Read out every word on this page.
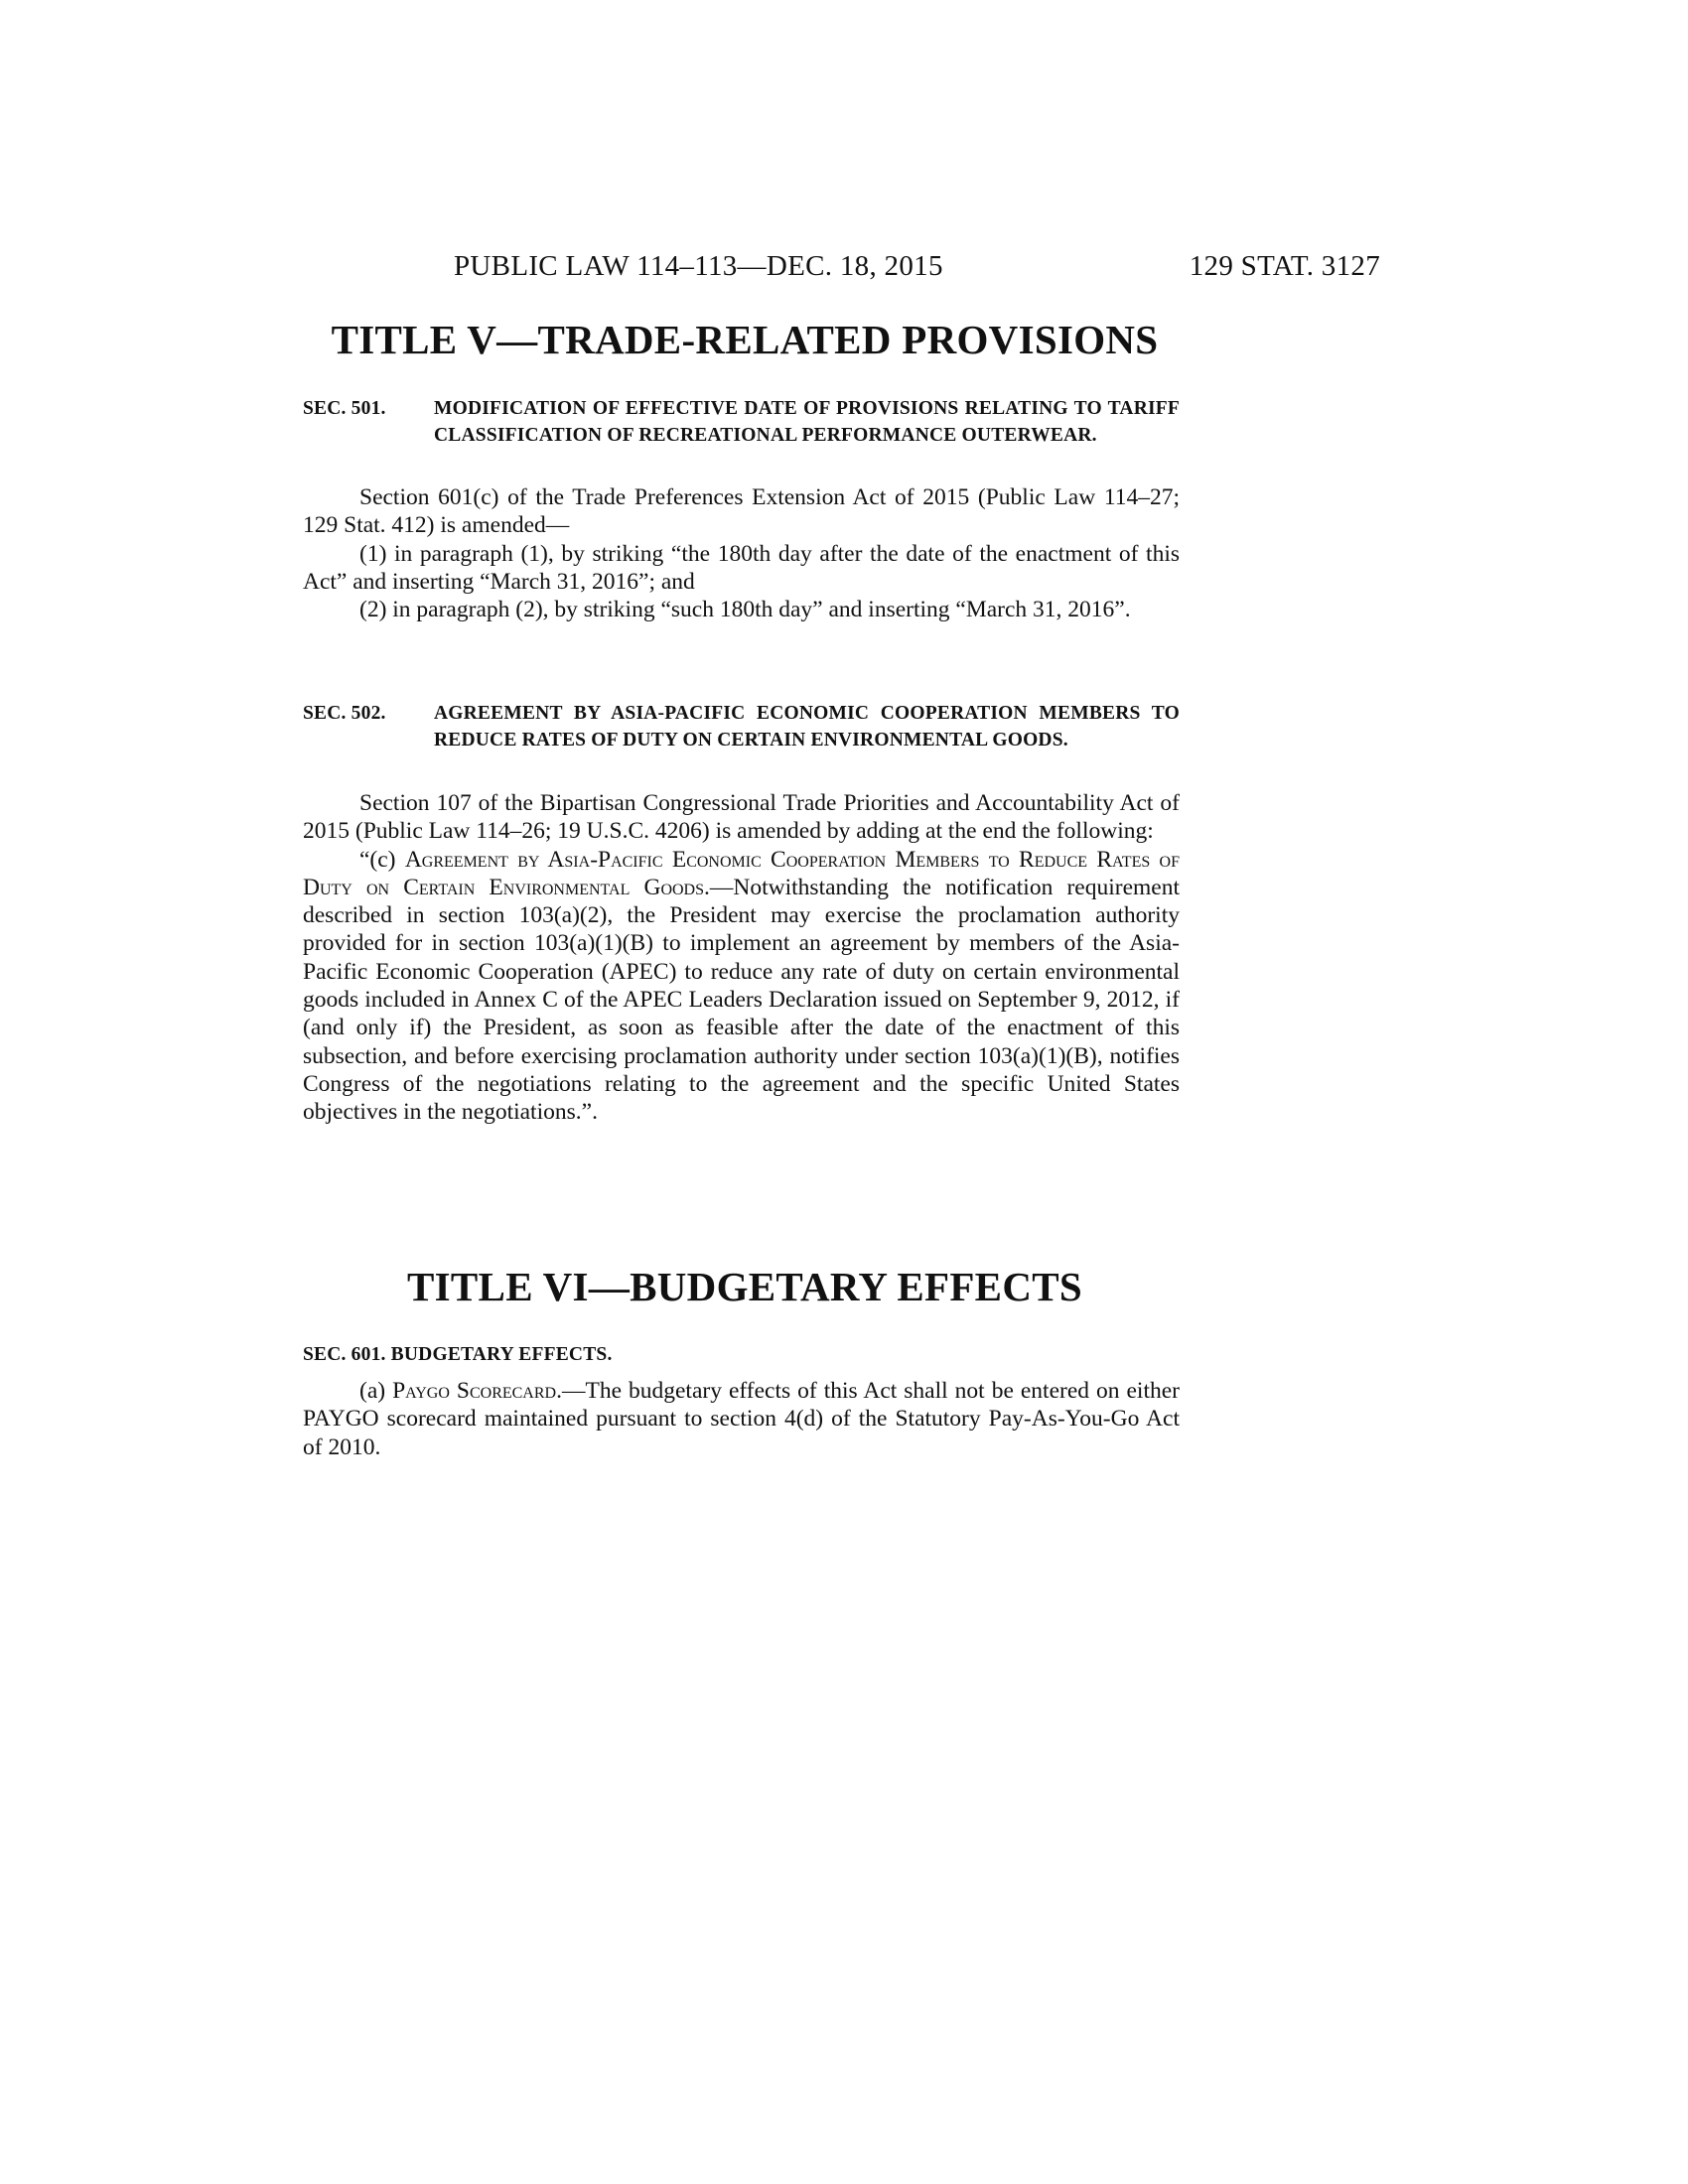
PUBLIC LAW 114–113—DEC. 18, 2015	129 STAT. 3127
TITLE V—TRADE-RELATED PROVISIONS
SEC. 501. MODIFICATION OF EFFECTIVE DATE OF PROVISIONS RELATING TO TARIFF CLASSIFICATION OF RECREATIONAL PERFORMANCE OUTERWEAR.

Section 601(c) of the Trade Preferences Extension Act of 2015 (Public Law 114–27; 129 Stat. 412) is amended—

(1) in paragraph (1), by striking “the 180th day after the date of the enactment of this Act” and inserting “March 31, 2016”; and

(2) in paragraph (2), by striking “such 180th day” and inserting “March 31, 2016”.

SEC. 502. AGREEMENT BY ASIA-PACIFIC ECONOMIC COOPERATION MEMBERS TO REDUCE RATES OF DUTY ON CERTAIN ENVIRONMENTAL GOODS.

Section 107 of the Bipartisan Congressional Trade Priorities and Accountability Act of 2015 (Public Law 114–26; 19 U.S.C. 4206) is amended by adding at the end the following:

“(c) Agreement by Asia-Pacific Economic Cooperation Members to Reduce Rates of Duty on Certain Environmental Goods.—Notwithstanding the notification requirement described in section 103(a)(2), the President may exercise the proclamation authority provided for in section 103(a)(1)(B) to implement an agreement by members of the Asia-Pacific Economic Cooperation (APEC) to reduce any rate of duty on certain environmental goods included in Annex C of the APEC Leaders Declaration issued on September 9, 2012, if (and only if) the President, as soon as feasible after the date of the enactment of this subsection, and before exercising proclamation authority under section 103(a)(1)(B), notifies Congress of the negotiations relating to the agreement and the specific United States objectives in the negotiations.”.

TITLE VI—BUDGETARY EFFECTS
SEC. 601. BUDGETARY EFFECTS.

(a) Paygo Scorecard.—The budgetary effects of this Act shall not be entered on either PAYGO scorecard maintained pursuant to section 4(d) of the Statutory Pay-As-You-Go Act of 2010.
